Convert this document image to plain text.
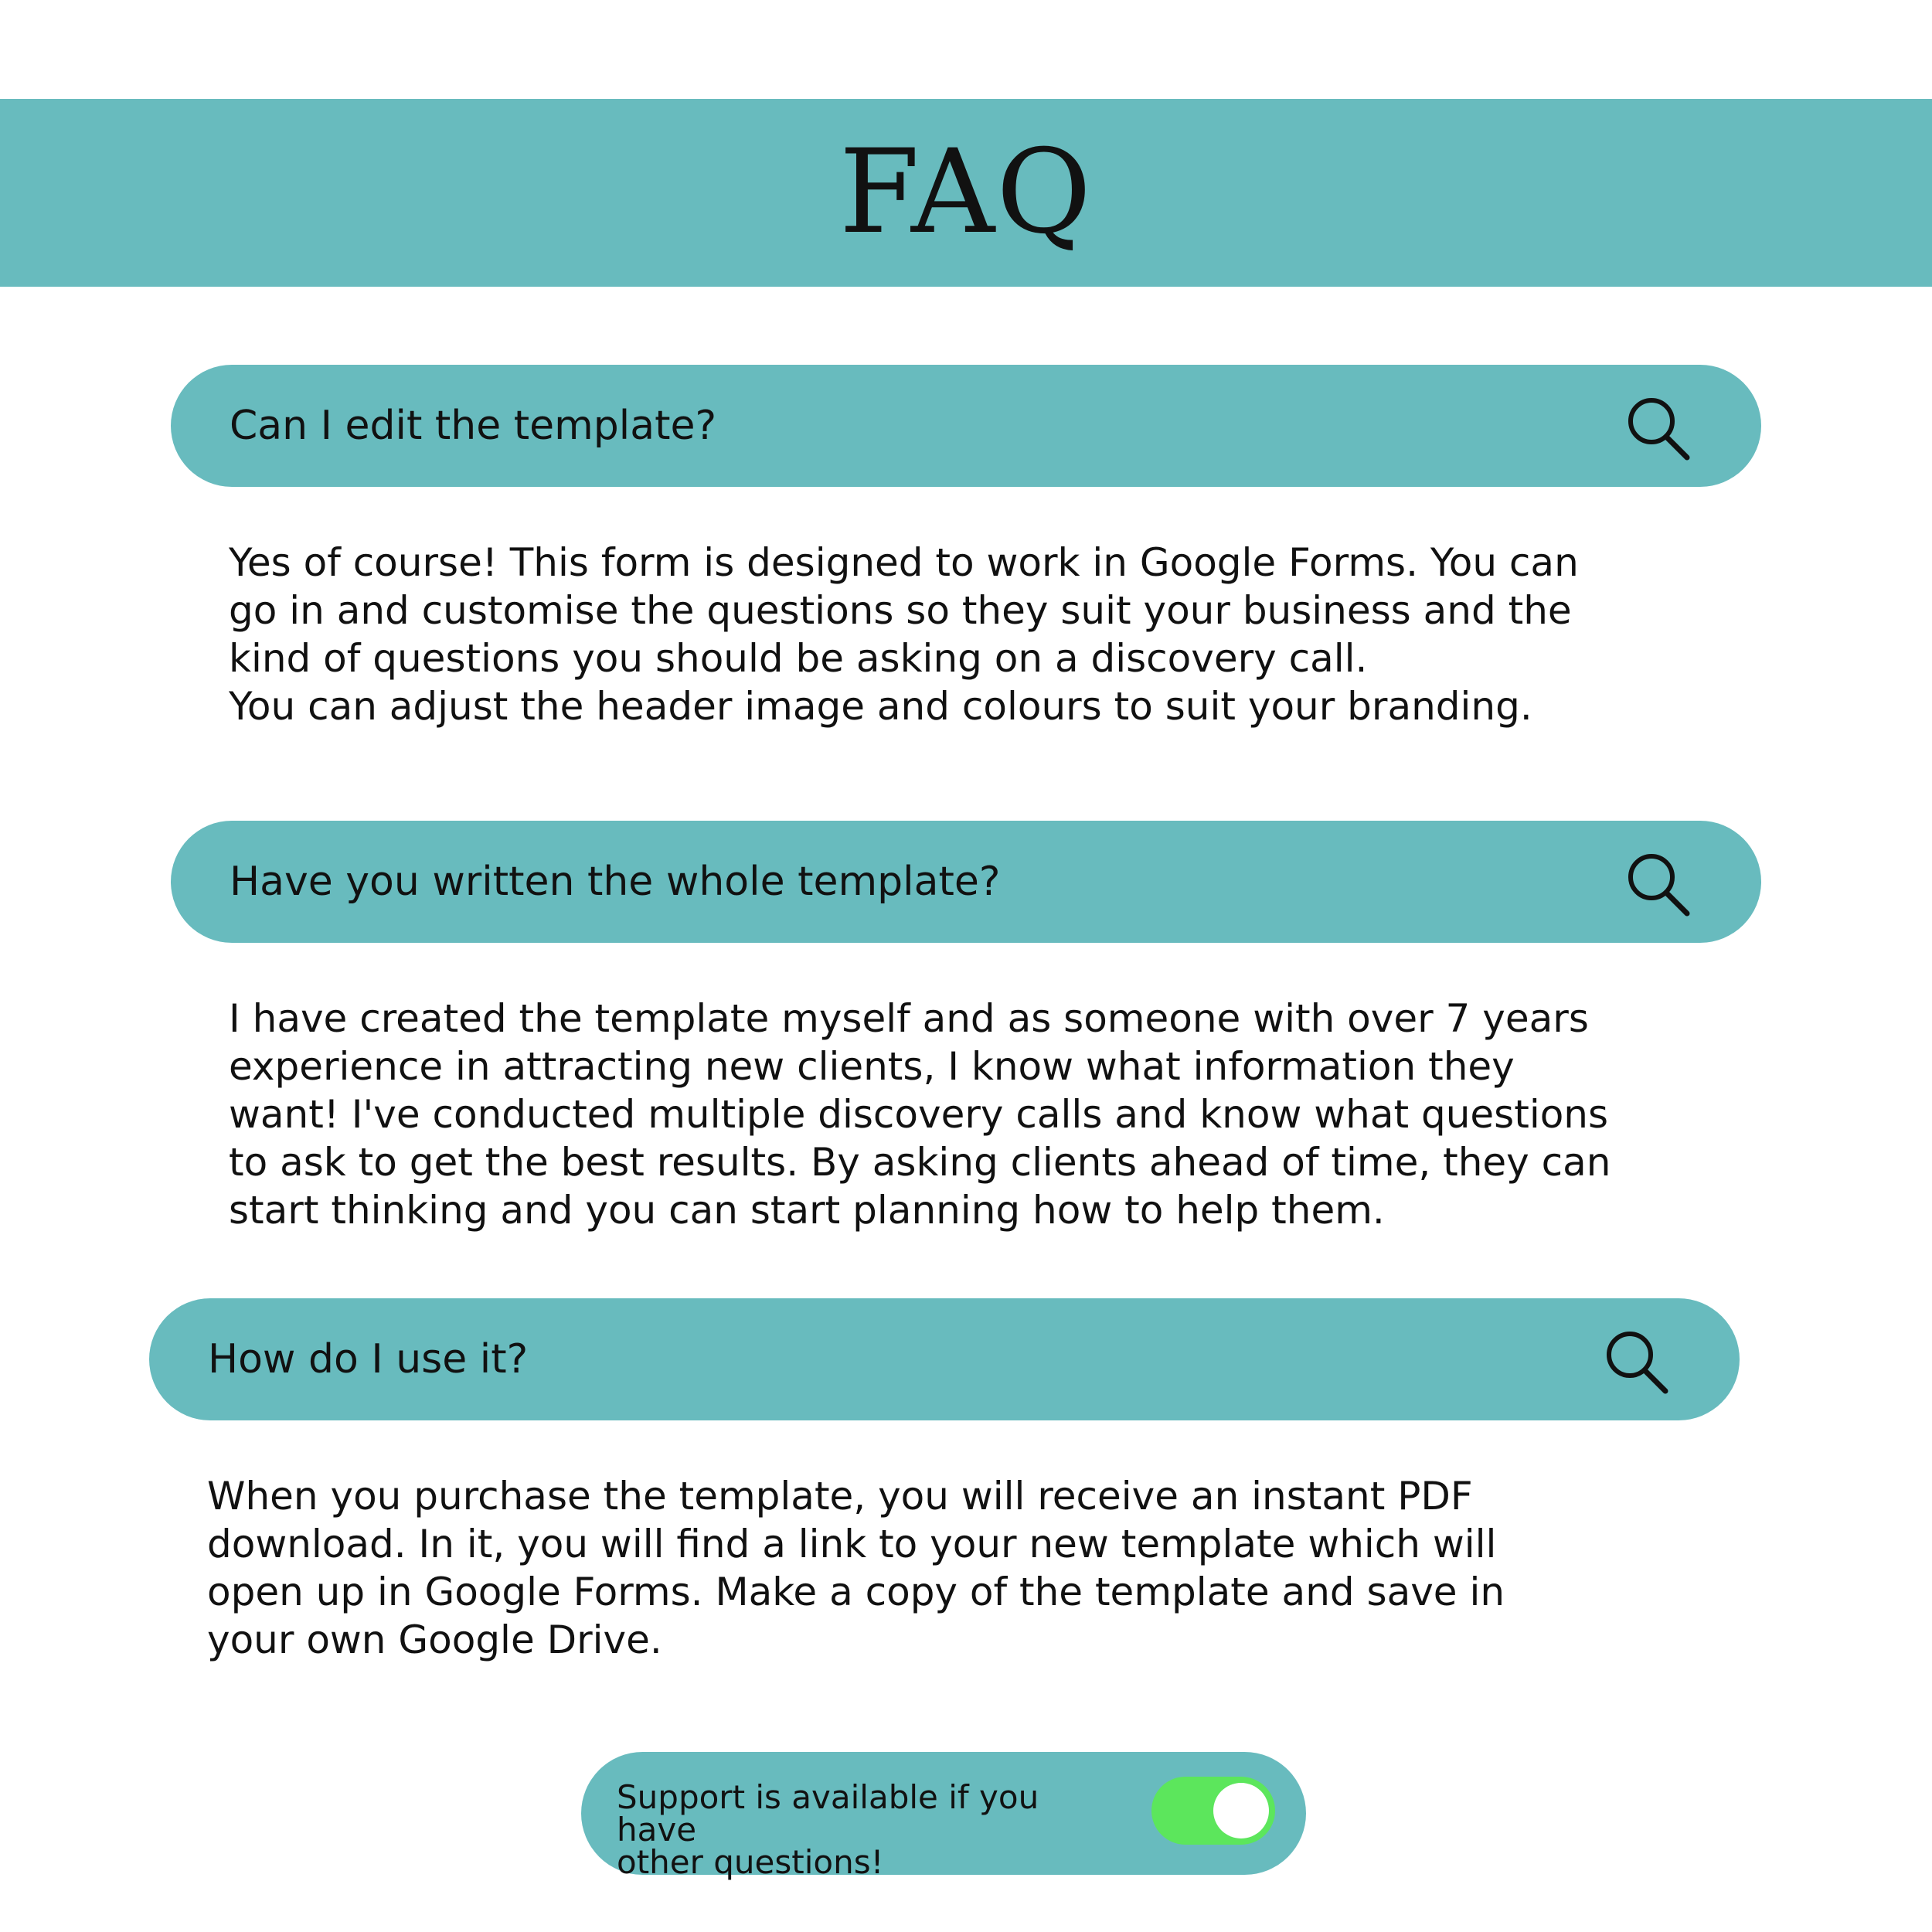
FAQ
Can I edit the template?

Yes of course! This form is designed to work in Google Forms. You can
go in and customise the questions so they suit your business and the
kind of questions you should be asking on a discovery call.
You can adjust the header image and colours to suit your branding.

Have you written the whole template?

I have created the template myself and as someone with over 7 years
experience in attracting new clients, I know what information they
want! I've conducted multiple discovery calls and know what questions
to ask to get the best results. By asking clients ahead of time, they can
start thinking and you can start planning how to help them.

How do I use it?

When you purchase the template, you will receive an instant PDF
download. In it, you will find a link to your new template which will
open up in Google Forms. Make a copy of the template and save in
your own Google Drive.

Support is available if you have
other questions!
